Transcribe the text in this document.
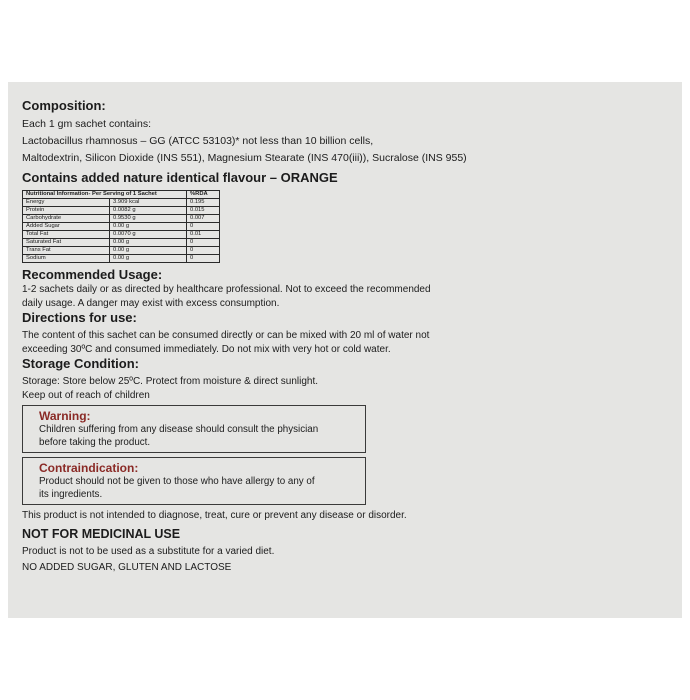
Composition:

Each 1 gm sachet contains:

Lactobacillus rhamnosus – GG (ATCC 53103)* not less than 10 billion cells,

Maltodextrin, Silicon Dioxide (INS 551), Magnesium Stearate (INS 470(iii)), Sucralose (INS 955)

Contains added nature identical flavour – ORANGE

Nutritional Information- Per Serving of 1 Sachet		%RDA
Energy	3.909 kcal	0.195
Protein	0.0082 g	0.015
Carbohydrate	0.9530 g	0.007
Added Sugar	0.00 g	0
Total Fat	0.0070 g	0.01
Saturated Fat	0.00 g	0
Trans Fat	0.00 g	0
Sodium	0.00 g	0

Recommended Usage:

1-2 sachets daily or as directed by healthcare professional. Not to exceed the recommended

daily usage. A danger may exist with excess consumption.

Directions for use:

The content of this sachet can be consumed directly or can be mixed with 20 ml of water not

exceeding 30ºC and consumed immediately. Do not mix with very hot or cold water.

Storage Condition:

Storage: Store below 25ºC. Protect from moisture & direct sunlight.

Keep out of reach of children

Warning:

Children suffering from any disease should consult the physician

before taking the product.

Contraindication:

Product should not be given to those who have allergy to any of

its ingredients.

This product is not intended to diagnose, treat, cure or prevent any disease or disorder.

NOT FOR MEDICINAL USE

Product is not to be used as a substitute for a varied diet.

NO ADDED SUGAR, GLUTEN AND LACTOSE
